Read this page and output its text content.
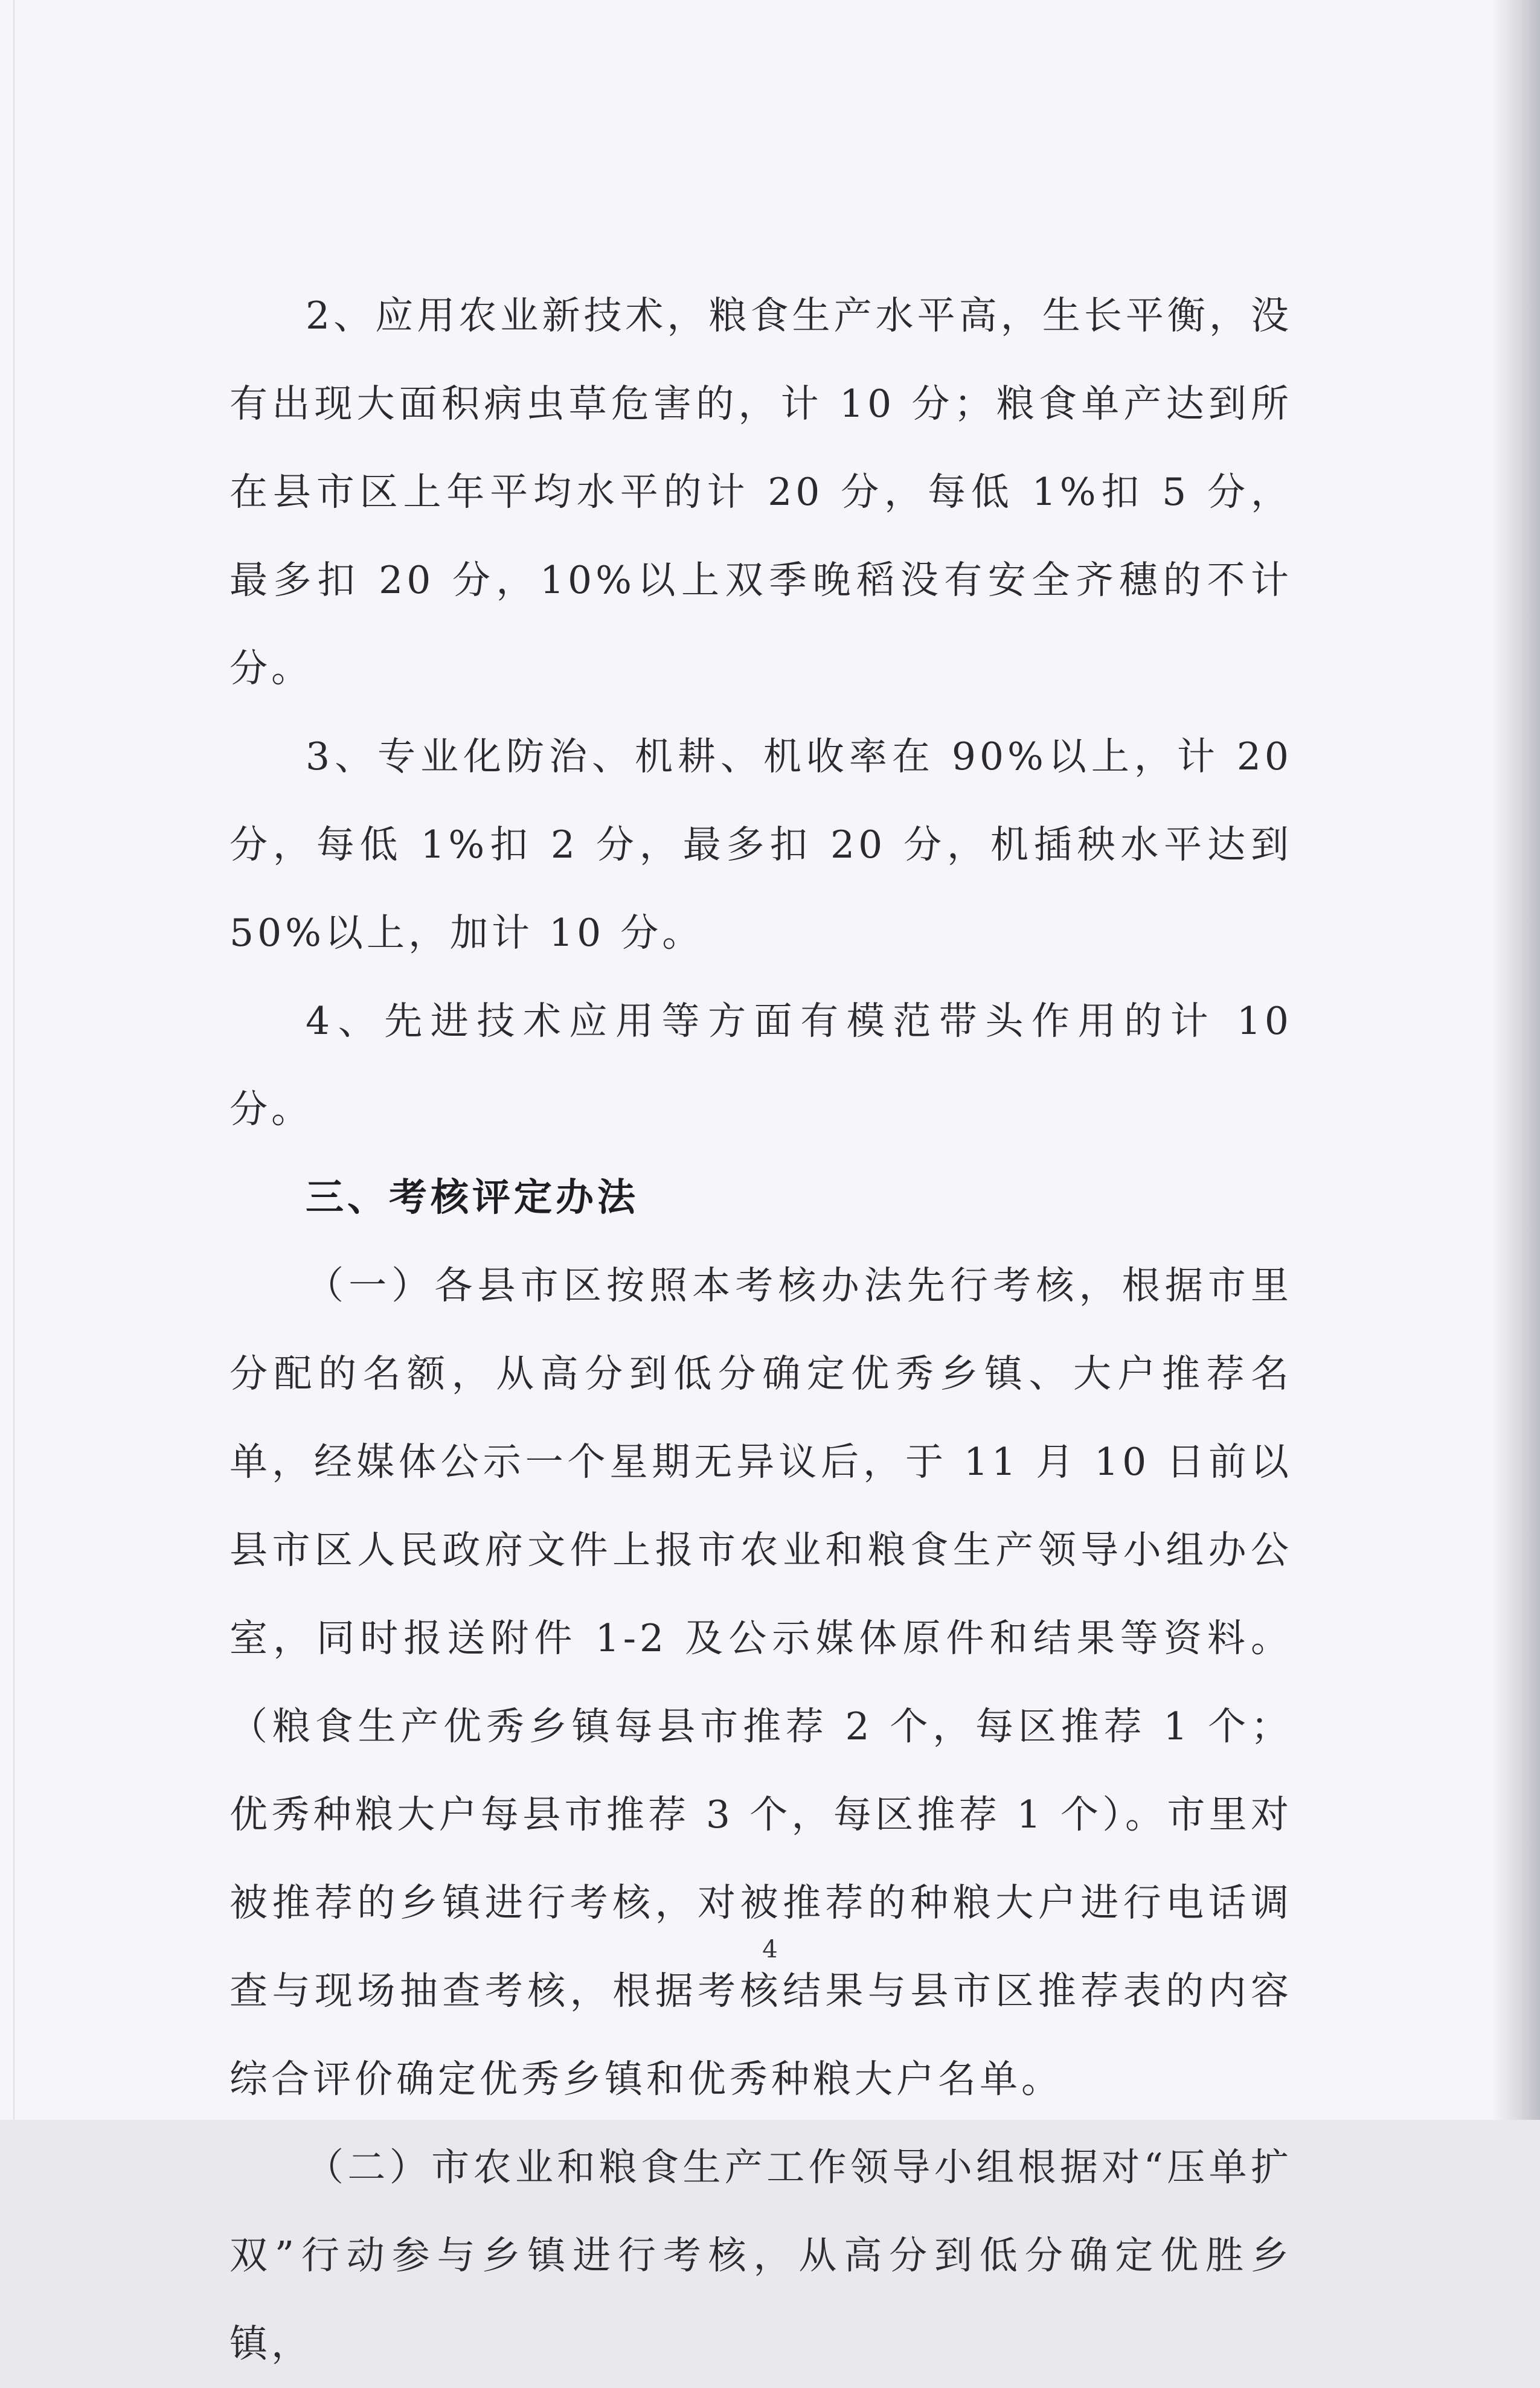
2、应用农业新技术，粮食生产水平高，生长平衡，没有出现大面积病虫草危害的，计 10 分；粮食单产达到所在县市区上年平均水平的计 20 分，每低 1%扣 5 分，最多扣 20 分，10%以上双季晚稻没有安全齐穗的不计分。

3、专业化防治、机耕、机收率在 90%以上，计 20 分，每低 1%扣 2 分，最多扣 20 分，机插秧水平达到 50%以上，加计 10 分。

4、先进技术应用等方面有模范带头作用的计 10 分。

三、考核评定办法

（一）各县市区按照本考核办法先行考核，根据市里分配的名额，从高分到低分确定优秀乡镇、大户推荐名单，经媒体公示一个星期无异议后，于 11 月 10 日前以县市区人民政府文件上报市农业和粮食生产领导小组办公室，同时报送附件 1-2 及公示媒体原件和结果等资料。（粮食生产优秀乡镇每县市推荐 2 个，每区推荐 1 个；优秀种粮大户每县市推荐 3 个，每区推荐 1 个）。市里对被推荐的乡镇进行考核，对被推荐的种粮大户进行电话调查与现场抽查考核，根据考核结果与县市区推荐表的内容综合评价确定优秀乡镇和优秀种粮大户名单。

（二）市农业和粮食生产工作领导小组根据对“压单扩双”行动参与乡镇进行考核，从高分到低分确定优胜乡镇，

4
